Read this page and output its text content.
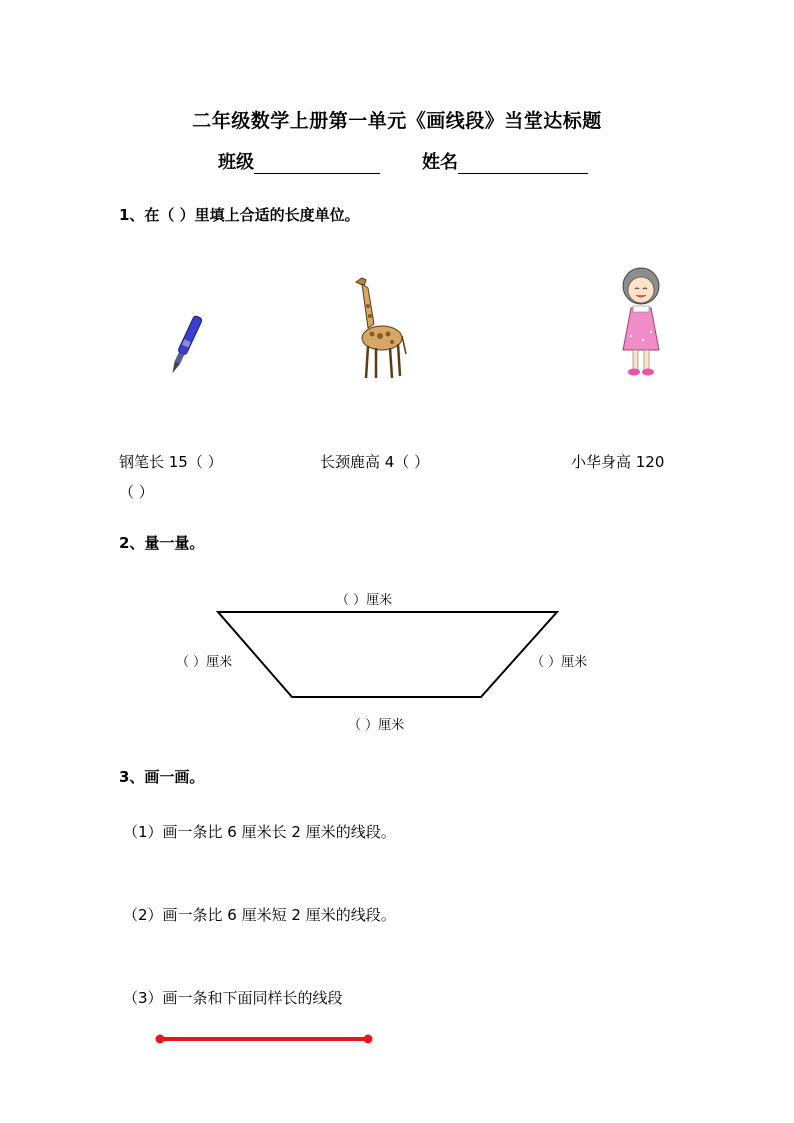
二年级数学上册第一单元《画线段》当堂达标题
班级	姓名
1、在（ ）里填上合适的长度单位。
钢笔长 15（ ）	长颈鹿高 4（ ）	小华身高 120
（ ）
2、量一量。
（ ）厘米
（ ）厘米	（ ）厘米
（ ）厘米
3、画一画。
（1）画一条比 6 厘米长 2 厘米的线段。
（2）画一条比 6 厘米短 2 厘米的线段。
（3）画一条和下面同样长的线段
